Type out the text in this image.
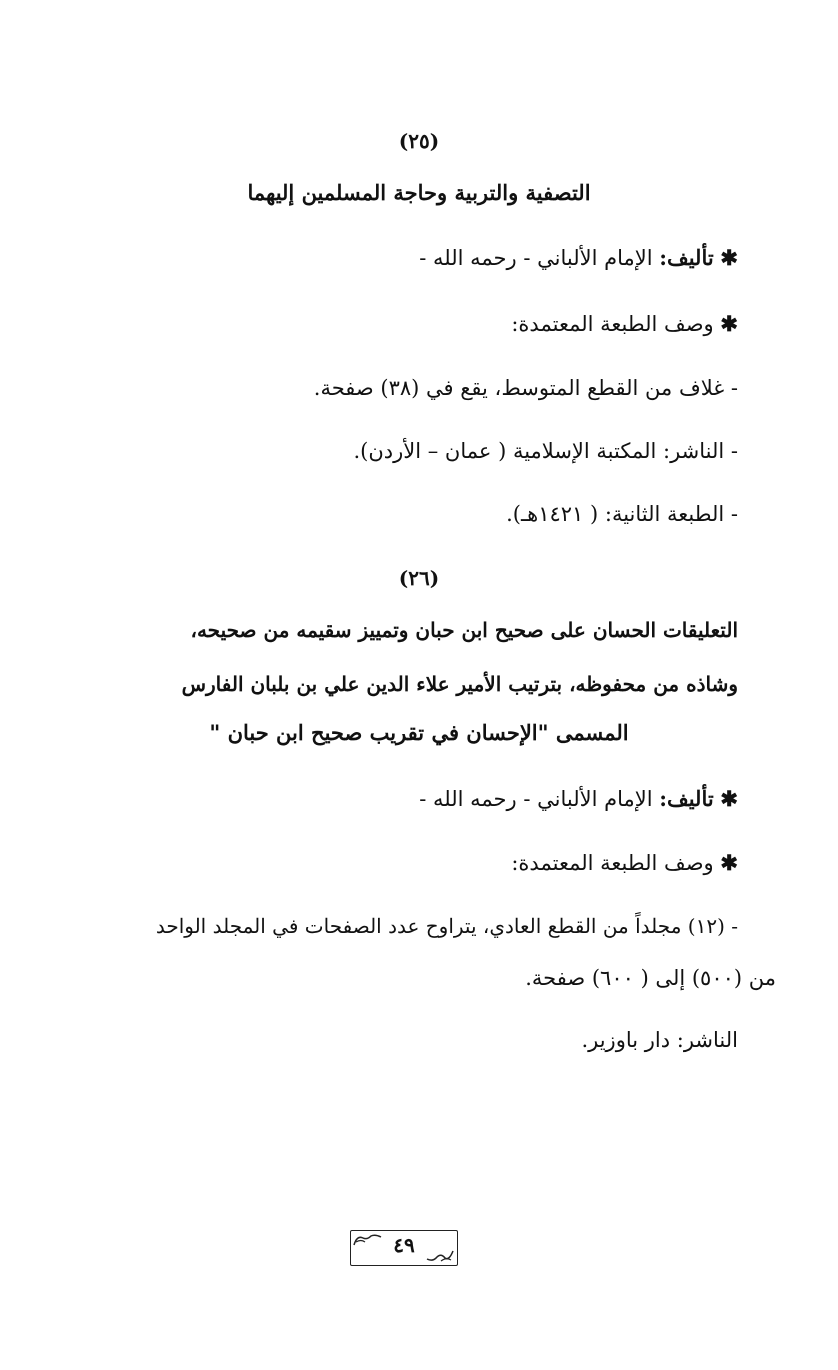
(٢٥)
التصفية والتربية وحاجة المسلمين إليهما
✱ تأليف: الإمام الألباني - رحمه الله -
✱ وصف الطبعة المعتمدة:
- غلاف من القطع المتوسط، يقع في (٣٨) صفحة.
- الناشر: المكتبة الإسلامية ( عمان – الأردن).
- الطبعة الثانية: ( ١٤٢١هـ).
(٢٦)
التعليقات الحسان على صحيح ابن حبان وتمييز سقيمه من صحيحه،
وشاذه من محفوظه، بترتيب الأمير علاء الدين علي بن بلبان الفارس
المسمى "الإحسان في تقريب صحيح ابن حبان "
✱ تأليف: الإمام الألباني - رحمه الله -
✱ وصف الطبعة المعتمدة:
- (١٢) مجلداً من القطع العادي، يتراوح عدد الصفحات في المجلد الواحد
من (٥٠٠) إلى ( ٦٠٠) صفحة.
الناشر: دار باوزير.
٤٩
